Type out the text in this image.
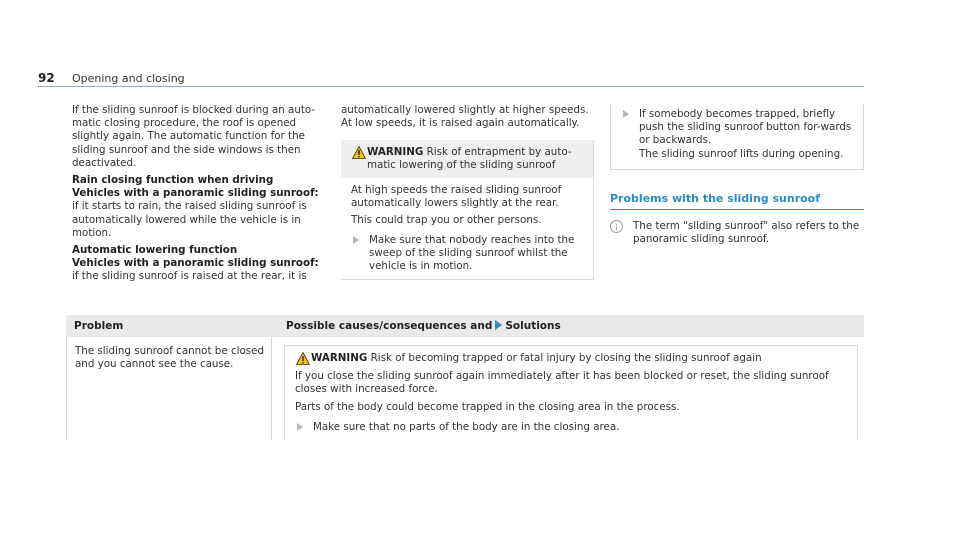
92 Opening and closing

If the sliding sunroof is blocked during an auto-matic closing procedure, the roof is opened slightly again. The automatic function for the sliding sunroof and the side windows is then deactivated.

Rain closing function when driving

Vehicles with a panoramic sliding sunroof: if it starts to rain, the raised sliding sunroof is automatically lowered while the vehicle is in motion.

Automatic lowering function

Vehicles with a panoramic sliding sunroof: if the sliding sunroof is raised at the rear, it is

automatically lowered slightly at higher speeds. At low speeds, it is raised again automatically.

WARNING Risk of entrapment by auto-matic lowering of the sliding sunroof

At high speeds the raised sliding sunroof automatically lowers slightly at the rear.

This could trap you or other persons.

Make sure that nobody reaches into the sweep of the sliding sunroof whilst the vehicle is in motion.
If somebody becomes trapped, briefly push the sliding sunroof button for-wards or backwards.
The sliding sunroof lifts during opening.
Problems with the sliding sunroof
i	The term "sliding sunroof" also refers to the panoramic sliding sunroof.
Problem	Possible causes/consequences and Solutions
The sliding sunroof cannot be closed and you cannot see the cause.
WARNING Risk of becoming trapped or fatal injury by closing the sliding sunroof again

If you close the sliding sunroof again immediately after it has been blocked or reset, the sliding sunroof closes with increased force.

Parts of the body could become trapped in the closing area in the process.

Make sure that no parts of the body are in the closing area.
